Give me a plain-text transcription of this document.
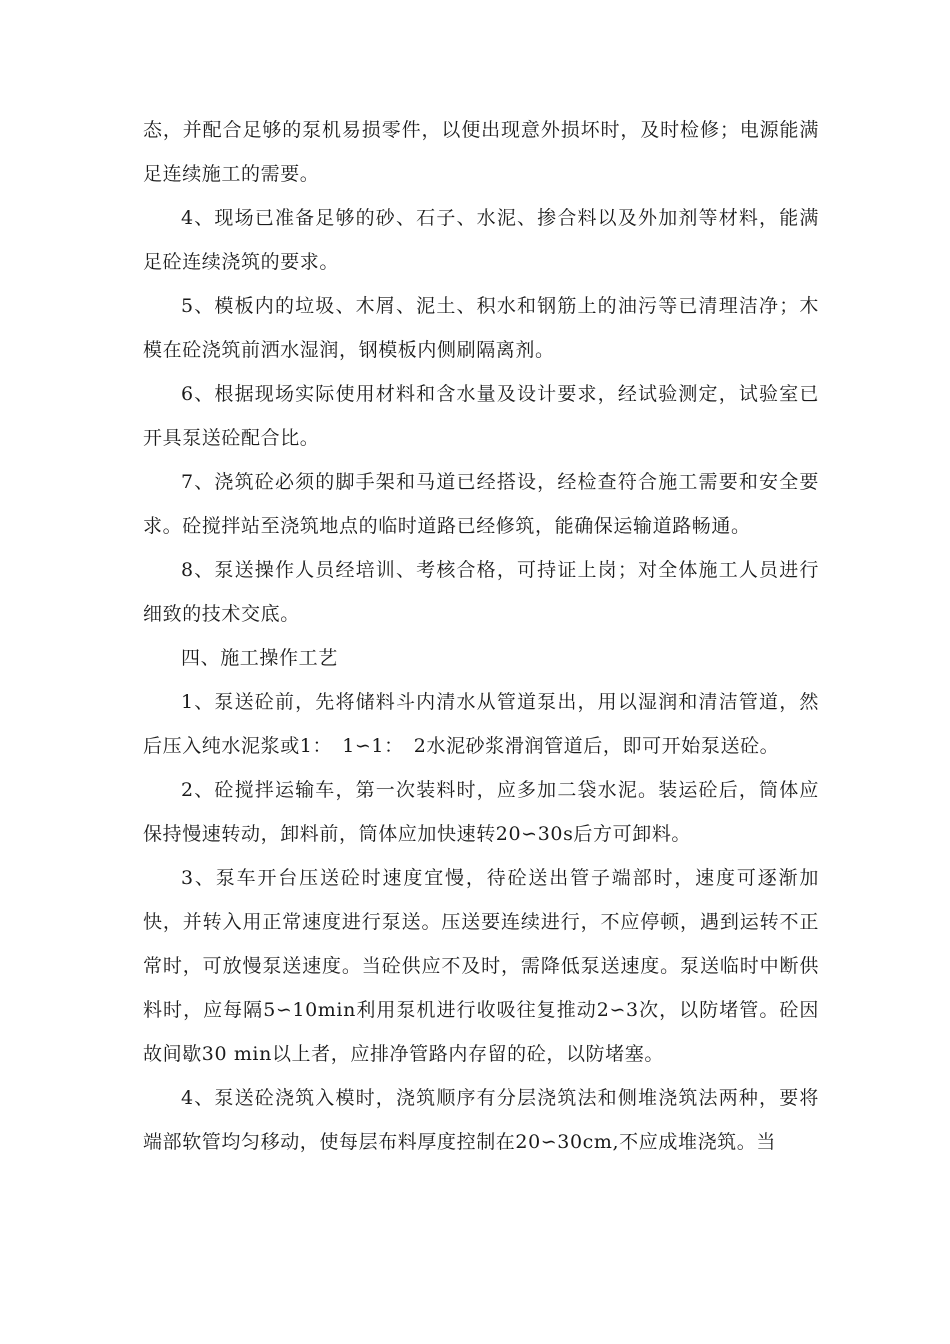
态，并配合足够的泵机易损零件，以便出现意外损坏时，及时检修；电源能满足连续施工的需要。

4、现场已准备足够的砂、石子、水泥、掺合料以及外加剂等材料，能满足砼连续浇筑的要求。

5、模板内的垃圾、木屑、泥土、积水和钢筋上的油污等已清理洁净；木模在砼浇筑前洒水湿润，钢模板内侧刷隔离剂。

6、根据现场实际使用材料和含水量及设计要求，经试验测定，试验室已开具泵送砼配合比。

7、浇筑砼必须的脚手架和马道已经搭设，经检查符合施工需要和安全要求。砼搅拌站至浇筑地点的临时道路已经修筑，能确保运输道路畅通。

8、泵送操作人员经培训、考核合格，可持证上岗；对全体施工人员进行细致的技术交底。

四、施工操作工艺

1、泵送砼前，先将储料斗内清水从管道泵出，用以湿润和清洁管道，然后压入纯水泥浆或1：　1∽1：　2水泥砂浆滑润管道后，即可开始泵送砼。

2、砼搅拌运输车，第一次装料时，应多加二袋水泥。装运砼后，筒体应保持慢速转动，卸料前，筒体应加快速转20∽30s后方可卸料。

3、泵车开台压送砼时速度宜慢，待砼送出管子端部时，速度可逐渐加快，并转入用正常速度进行泵送。压送要连续进行，不应停顿，遇到运转不正常时，可放慢泵送速度。当砼供应不及时，需降低泵送速度。泵送临时中断供料时，应每隔5∽10min利用泵机进行收吸往复推动2∽3次，以防堵管。砼因故间歇30 min以上者，应排净管路内存留的砼，以防堵塞。

4、泵送砼浇筑入模时，浇筑顺序有分层浇筑法和侧堆浇筑法两种，要将端部软管均匀移动，使每层布料厚度控制在20∽30cm,不应成堆浇筑。当
